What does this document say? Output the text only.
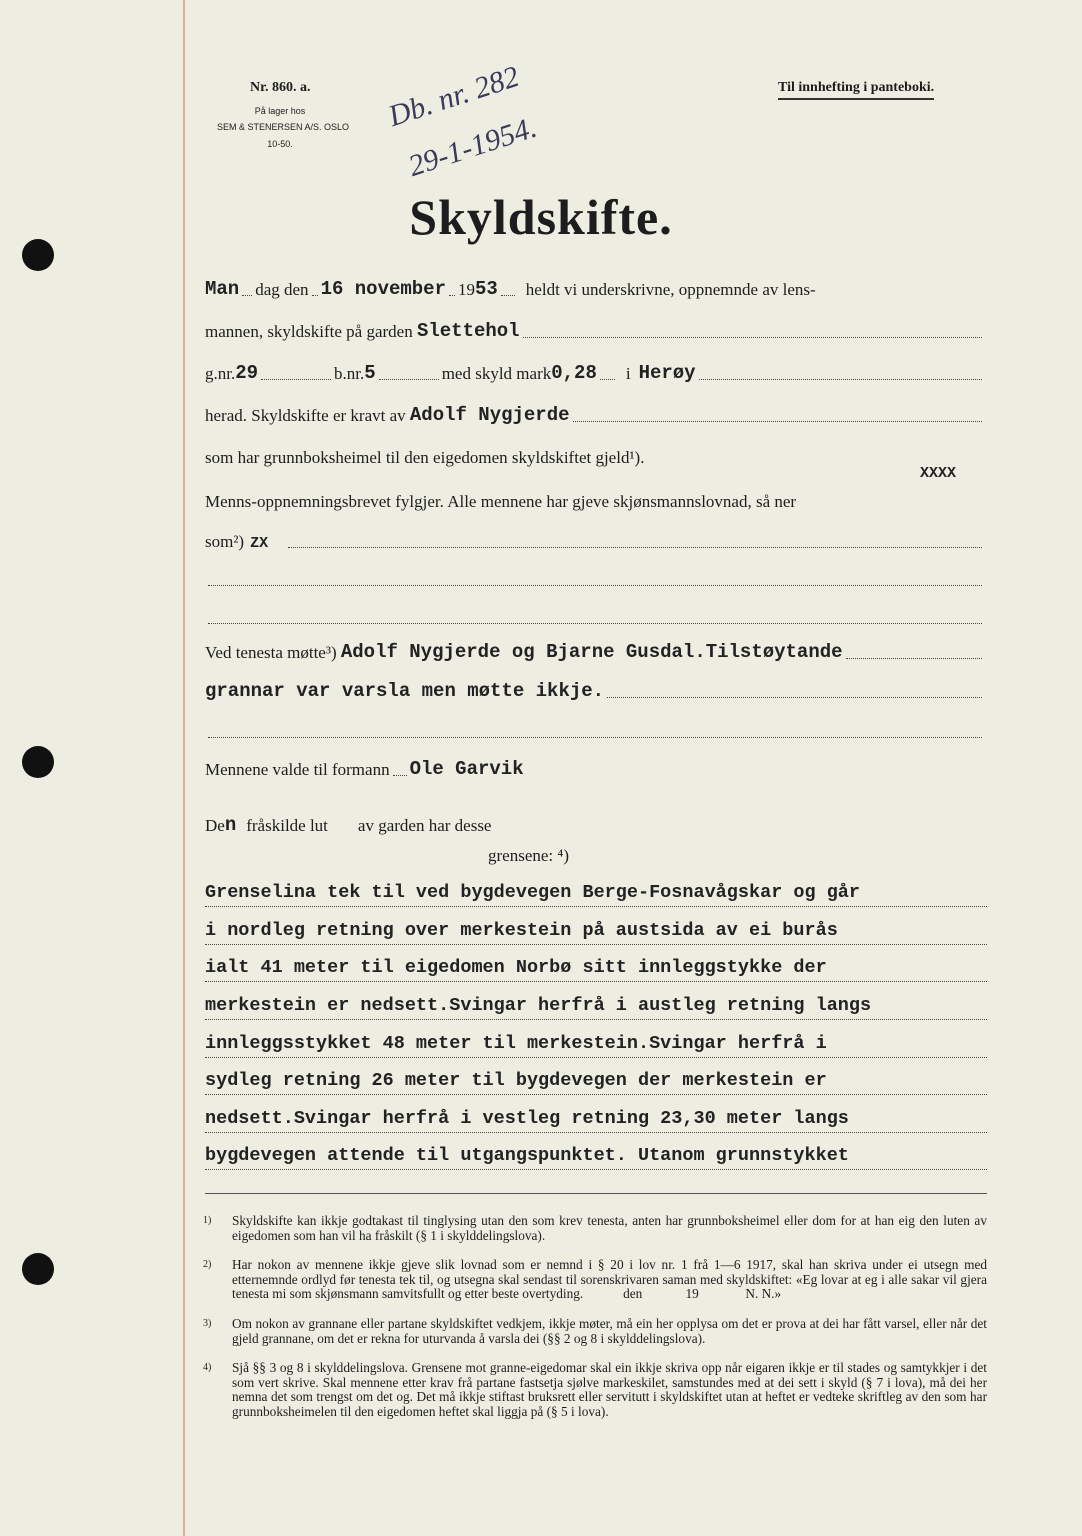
Nr. 860. a.
På lager hos
SEM & STENERSEN A/S. OSLO
10-50.
Til innhefting i panteboki.
Db. nr. 282
29-1-1954.
Skyldskifte.
Man dag den 16 november 19 53 heldt vi underskrivne, oppnemnde av lens-
mannen, skyldskifte på garden
Slettehol
g.nr. 29	b.nr. 5	med skyld mark 0,28 i Herøy
herad. Skyldskifte er kravt av
Adolf Nygjerde
som har grunnboksheimel til den eigedomen skyldskiftet gjeld¹).
Menns-oppnemningsbrevet fylgjer. Alle mennene har gjeve skjønsmannslovnad, så ner
XXXX
som²) ZX
Ved tenesta møtte³)
Adolf Nygjerde og Bjarne Gusdal.Tilstøytande
grannar var varsla men møtte ikkje.
Mennene valde til formann Ole Garvik
De n fråskilde lut av garden har desse
grensene: ⁴)
Grenselina tek til ved bygdevegen Berge-Fosnavågskar og går
i nordleg retning over merkestein på austsida av ei burås
ialt 41 meter til eigedomen Norbø sitt innleggstykke der
merkestein er nedsett.Svingar herfrå i austleg retning langs
innleggsstykket 48 meter til merkestein.Svingar herfrå i
sydleg retning 26 meter til bygdevegen der merkestein er
nedsett.Svingar herfrå i vestleg retning 23,30 meter langs
bygdevegen attende til utgangspunktet. Utanom grunnstykket
1) Skyldskifte kan ikkje godtakast til tinglysing utan den som krev tenesta, anten har grunnboksheimel eller dom for at han eig den luten av eigedomen som han vil ha fråskilt (§ 1 i skylddelingslova).
2) Har nokon av mennene ikkje gjeve slik lovnad som er nemnd i § 20 i lov nr. 1 frå 1—6 1917, skal han skriva under ei utsegn med etternemnde ordlyd før tenesta tek til, og utsegna skal sendast til sorenskrivaren saman med skyldskiftet: «Eg lovar at eg i alle sakar vil gjera tenesta mi som skjønsmann samvitsfullt og etter beste overtyding.            den             19              N. N.»
3) Om nokon av grannane eller partane skyldskiftet vedkjem, ikkje møter, må ein her opplysa om det er prova at dei har fått varsel, eller når det gjeld grannane, om det er rekna for uturvanda å varsla dei (§§ 2 og 8 i skylddelingslova).
4) Sjå §§ 3 og 8 i skylddelingslova. Grensene mot granne-eigedomar skal ein ikkje skriva opp når eigaren ikkje er til stades og samtykkjer i det som vert skrive. Skal mennene etter krav frå partane fastsetja sjølve markeskilet, samstundes med at dei sett i skyld (§ 7 i lova), må dei her nemna det som trengst om det og. Det må ikkje stiftast bruksrett eller servitutt i skyldskiftet utan at heftet er vedteke skriftleg av den som har grunnboksheimelen til den eigedomen heftet skal liggja på (§ 5 i lova).
